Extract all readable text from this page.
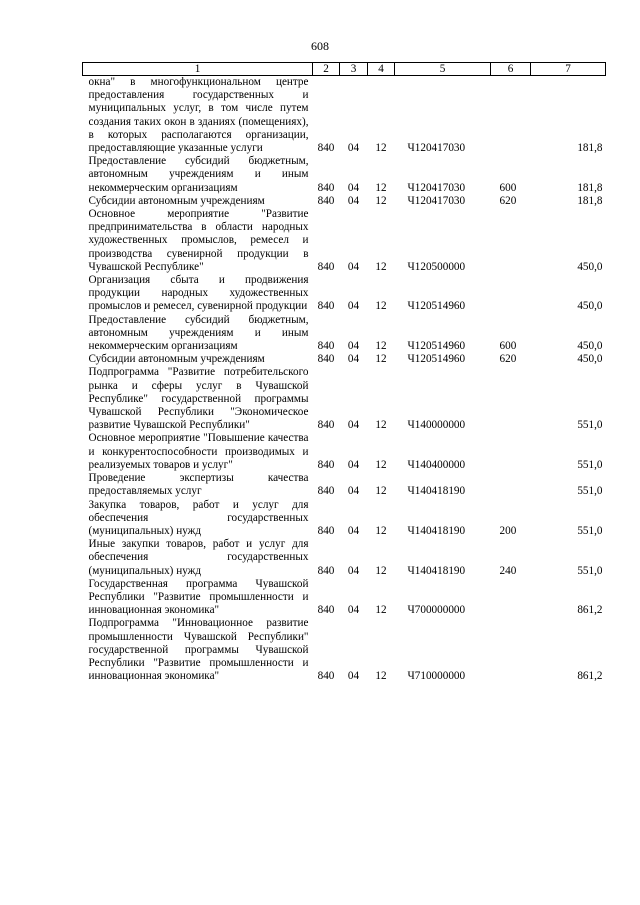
608
1	2	3	4	5	6	7
окна" в многофункциональном центре предоставления государственных и муниципальных услуг, в том числе путем создания таких окон в зданиях (помещениях), в которых располагаются организации, предоставляющие указанные услуги	840	04	12	Ч120417030		181,8
Предоставление субсидий бюджетным, автономным учреждениям и иным некоммерческим организациям	840	04	12	Ч120417030	600	181,8
Субсидии автономным учреждениям	840	04	12	Ч120417030	620	181,8
Основное мероприятие "Развитие предпринимательства в области народных художественных промыслов, ремесел и производства сувенирной продукции в Чувашской Республике"	840	04	12	Ч120500000		450,0
Организация сбыта и продвижения продукции народных художественных промыслов и ремесел, сувенирной продукции	840	04	12	Ч120514960		450,0
Предоставление субсидий бюджетным, автономным учреждениям и иным некоммерческим организациям	840	04	12	Ч120514960	600	450,0
Субсидии автономным учреждениям	840	04	12	Ч120514960	620	450,0
Подпрограмма "Развитие потребительского рынка и сферы услуг в Чувашской Республике" государственной программы Чувашской Республики "Экономическое развитие Чувашской Республики"	840	04	12	Ч140000000		551,0
Основное мероприятие "Повышение качества и конкурентоспособности производимых и реализуемых товаров и услуг"	840	04	12	Ч140400000		551,0
Проведение экспертизы качества предоставляемых услуг	840	04	12	Ч140418190		551,0
Закупка товаров, работ и услуг для обеспечения государственных (муниципальных) нужд	840	04	12	Ч140418190	200	551,0
Иные закупки товаров, работ и услуг для обеспечения государственных (муниципальных) нужд	840	04	12	Ч140418190	240	551,0
Государственная программа Чувашской Республики "Развитие промышленности и инновационная экономика"	840	04	12	Ч700000000		861,2
Подпрограмма "Инновационное развитие промышленности Чувашской Республики" государственной программы Чувашской Республики "Развитие промышленности и инновационная экономика"	840	04	12	Ч710000000		861,2
